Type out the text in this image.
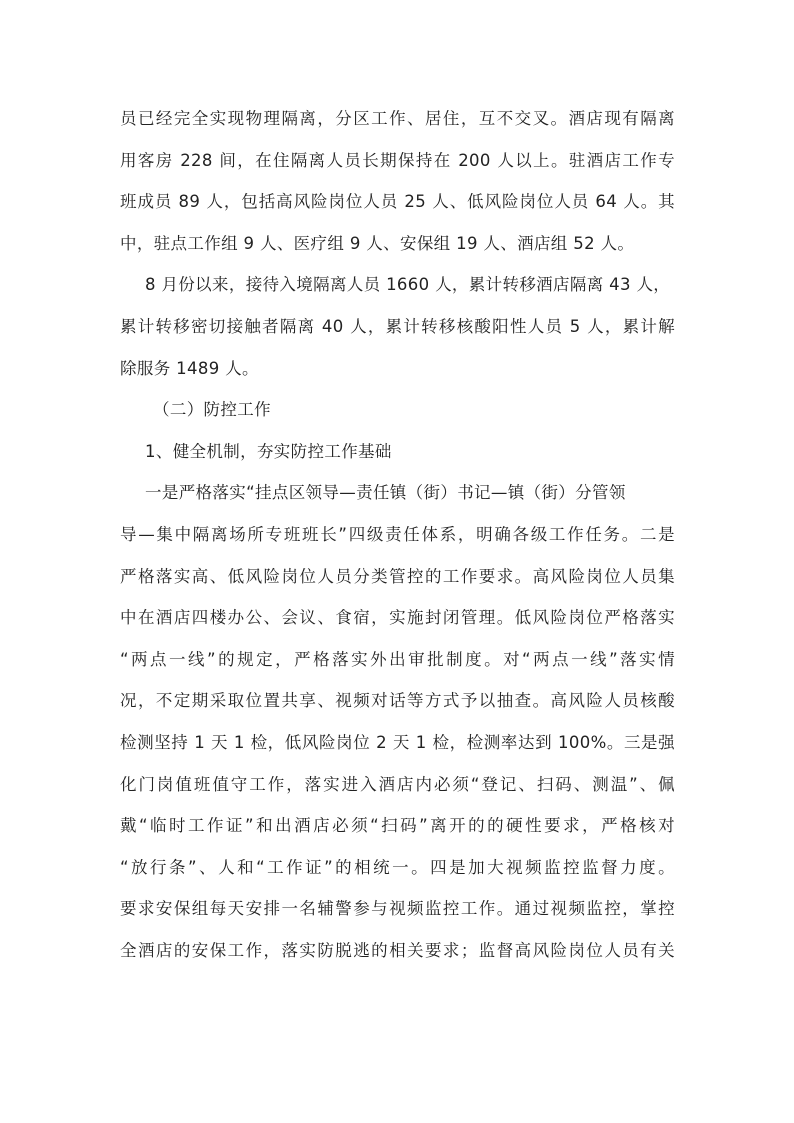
员已经完全实现物理隔离，分区工作、居住，互不交叉。酒店现有隔离
用客房 228 间，在住隔离人员长期保持在 200 人以上。驻酒店工作专
班成员 89 人，包括高风险岗位人员 25 人、低风险岗位人员 64 人。其
中，驻点工作组 9 人、医疗组 9 人、安保组 19 人、酒店组 52 人。
8 月份以来，接待入境隔离人员 1660 人，累计转移酒店隔离 43 人，
累计转移密切接触者隔离 40 人，累计转移核酸阳性人员 5 人，累计解
除服务 1489 人。
（二）防控工作
1、健全机制，夯实防控工作基础
一是严格落实“挂点区领导—责任镇（街）书记—镇（街）分管领
导—集中隔离场所专班班长”四级责任体系，明确各级工作任务。二是
严格落实高、低风险岗位人员分类管控的工作要求。高风险岗位人员集
中在酒店四楼办公、会议、食宿，实施封闭管理。低风险岗位严格落实
“两点一线”的规定，严格落实外出审批制度。对“两点一线”落实情
况，不定期采取位置共享、视频对话等方式予以抽查。高风险人员核酸
检测坚持 1 天 1 检，低风险岗位 2 天 1 检，检测率达到 100%。三是强
化门岗值班值守工作，落实进入酒店内必须“登记、扫码、测温”、佩
戴“临时工作证”和出酒店必须“扫码”离开的的硬性要求，严格核对
“放行条”、人和“工作证”的相统一。四是加大视频监控监督力度。
要求安保组每天安排一名辅警参与视频监控工作。通过视频监控，掌控
全酒店的安保工作，落实防脱逃的相关要求；监督高风险岗位人员有关
